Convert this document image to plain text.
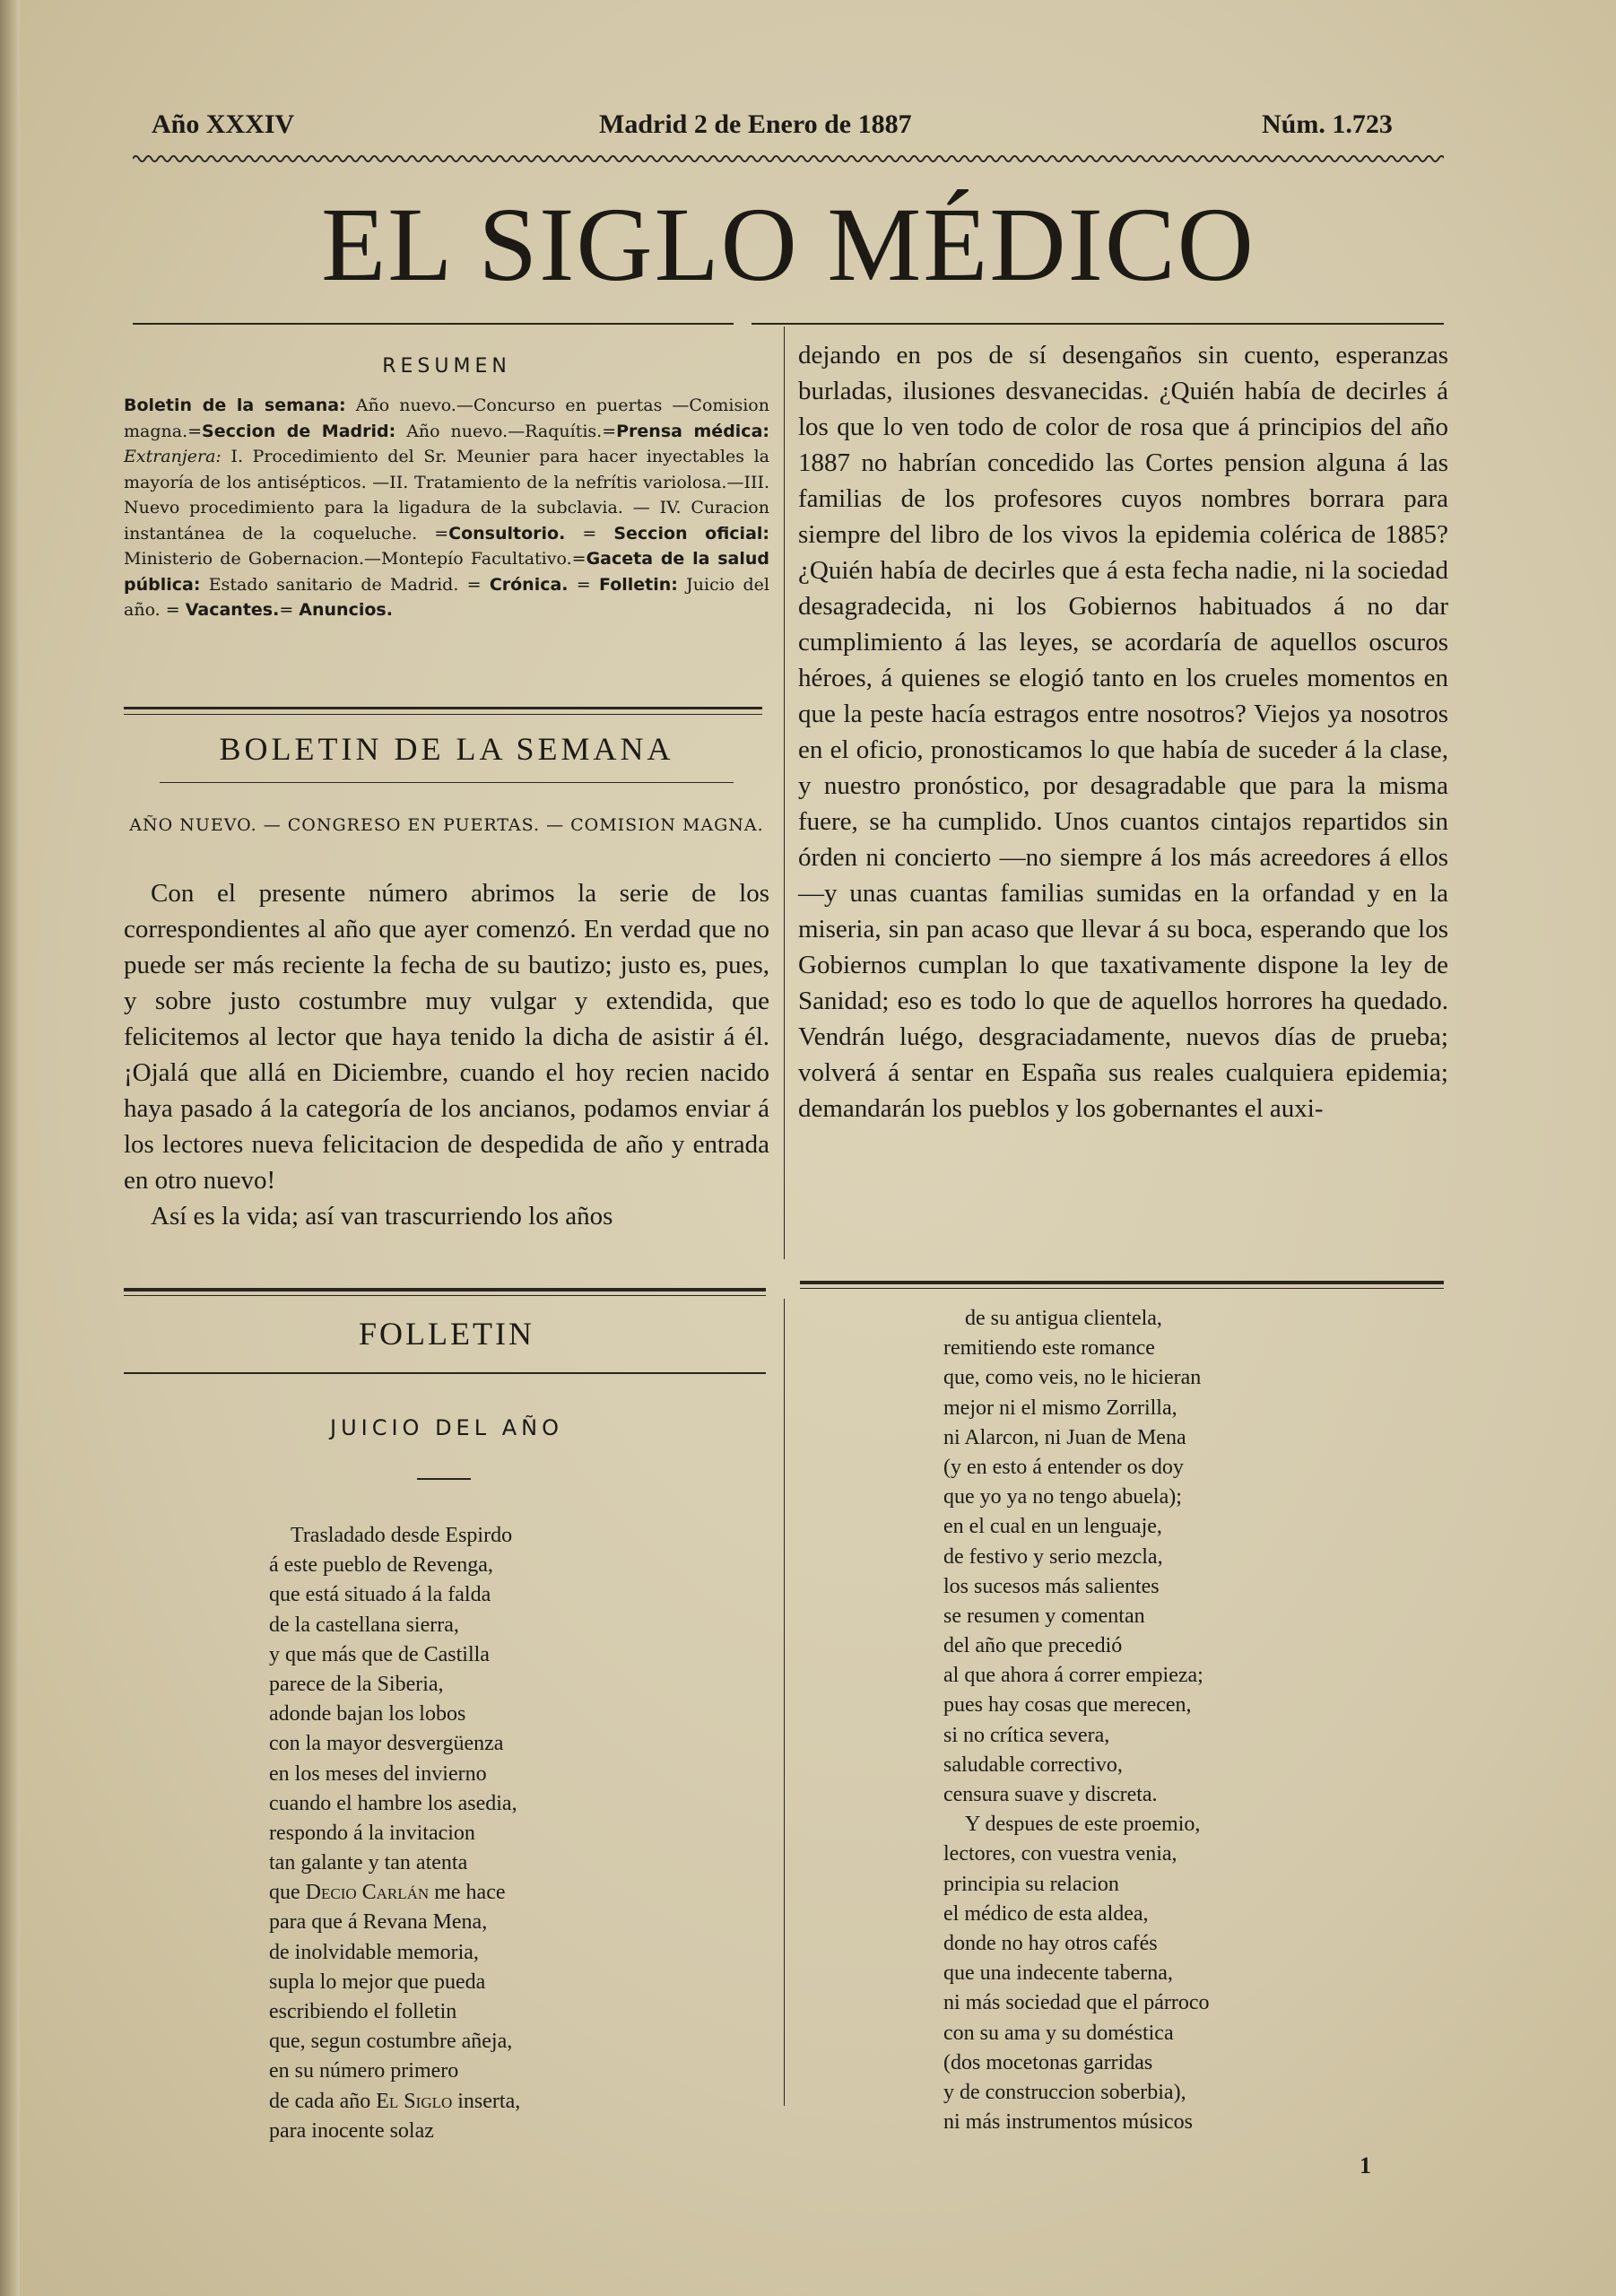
Año XXXIV	Madrid 2 de Enero de 1887	Núm. 1.723
EL SIGLO MÉDICO
RESUMEN
Boletin de la semana: Año nuevo.—Concurso en puertas —Comision magna.=Seccion de Madrid: Año nuevo.—Raquítis.=Prensa médica: Extranjera: I. Procedimiento del Sr. Meunier para hacer inyectables la mayoría de los antisépticos. —II. Tratamiento de la nefrítis variolosa.—III. Nuevo procedimiento para la ligadura de la subclavia. — IV. Curacion instantánea de la coqueluche. =Consultorio. = Seccion oficial: Ministerio de Gobernacion.—Montepío Facultativo.=Gaceta de la salud pública: Estado sanitario de Madrid. = Crónica. = Folletin: Juicio del año. = Vacantes.= Anuncios.
BOLETIN DE LA SEMANA
AÑO NUEVO. — CONGRESO EN PUERTAS. — COMISION MAGNA.

Con el presente número abrimos la serie de los correspondientes al año que ayer comenzó. En verdad que no puede ser más reciente la fecha de su bautizo; justo es, pues, y sobre justo costumbre muy vulgar y extendida, que felicitemos al lector que haya tenido la dicha de asistir á él. ¡Ojalá que allá en Diciembre, cuando el hoy recien nacido haya pasado á la categoría de los ancianos, podamos enviar á los lectores nueva felicitacion de despedida de año y entrada en otro nuevo!

Así es la vida; así van trascurriendo los años

dejando en pos de sí desengaños sin cuento, esperanzas burladas, ilusiones desvanecidas. ¿Quién había de decirles á los que lo ven todo de color de rosa que á principios del año 1887 no habrían concedido las Cortes pension alguna á las familias de los profesores cuyos nombres borrara para siempre del libro de los vivos la epidemia colérica de 1885? ¿Quién había de decirles que á esta fecha nadie, ni la sociedad desagradecida, ni los Gobiernos habituados á no dar cumplimiento á las leyes, se acordaría de aquellos oscuros héroes, á quienes se elogió tanto en los crueles momentos en que la peste hacía estragos entre nosotros? Viejos ya nosotros en el oficio, pronosticamos lo que había de suceder á la clase, y nuestro pronóstico, por desagradable que para la misma fuere, se ha cumplido. Unos cuantos cintajos repartidos sin órden ni concierto —no siempre á los más acreedores á ellos—y unas cuantas familias sumidas en la orfandad y en la miseria, sin pan acaso que llevar á su boca, esperando que los Gobiernos cumplan lo que taxativamente dispone la ley de Sanidad; eso es todo lo que de aquellos horrores ha quedado. Vendrán luégo, desgraciadamente, nuevos días de prueba; volverá á sentar en España sus reales cualquiera epidemia; demandarán los pueblos y los gobernantes el auxi-
FOLLETIN
JUICIO DEL AÑO
Trasladado desde Espirdo
á este pueblo de Revenga,
que está situado á la falda
de la castellana sierra,
y que más que de Castilla
parece de la Siberia,
adonde bajan los lobos
con la mayor desvergüenza
en los meses del invierno
cuando el hambre los asedia,
respondo á la invitacion
tan galante y tan atenta
que Decio Carlán me hace
para que á Revana Mena,
de inolvidable memoria,
supla lo mejor que pueda
escribiendo el folletin
que, segun costumbre añeja,
en su número primero
de cada año El Siglo inserta,
para inocente solaz
de su antigua clientela,
remitiendo este romance
que, como veis, no le hicieran
mejor ni el mismo Zorrilla,
ni Alarcon, ni Juan de Mena
(y en esto á entender os doy
que yo ya no tengo abuela);
en el cual en un lenguaje,
de festivo y serio mezcla,
los sucesos más salientes
se resumen y comentan
del año que precedió
al que ahora á correr empieza;
pues hay cosas que merecen,
si no crítica severa,
saludable correctivo,
censura suave y discreta.
Y despues de este proemio,
lectores, con vuestra venia,
principia su relacion
el médico de esta aldea,
donde no hay otros cafés
que una indecente taberna,
ni más sociedad que el párroco
con su ama y su doméstica
(dos mocetonas garridas
y de construccion soberbia),
ni más instrumentos músicos
1
